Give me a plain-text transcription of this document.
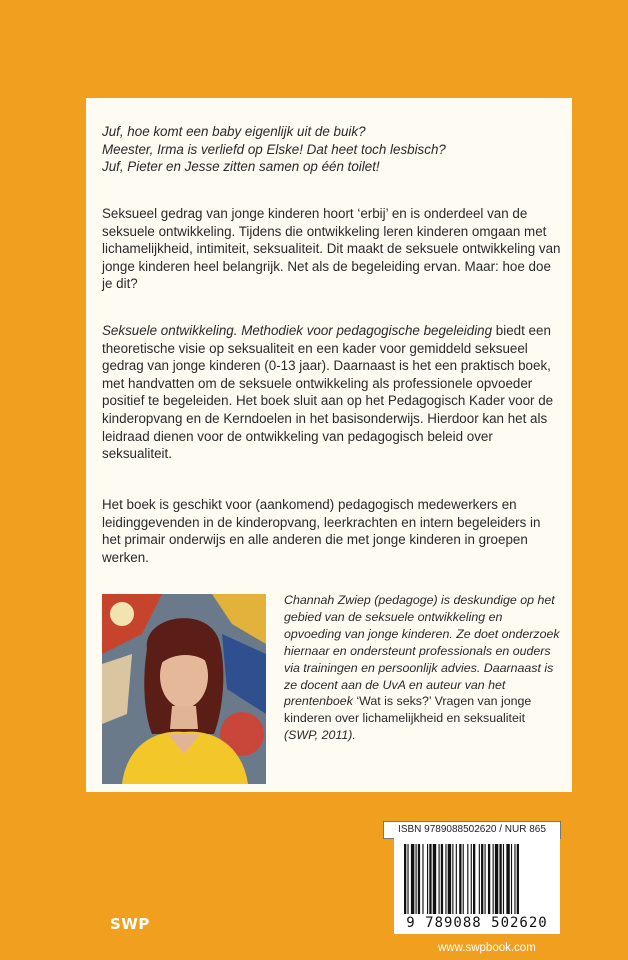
Juf, hoe komt een baby eigenlijk uit de buik?
Meester, Irma is verliefd op Elske! Dat heet toch lesbisch?
Juf, Pieter en Jesse zitten samen op één toilet!
Seksueel gedrag van jonge kinderen hoort ‘erbij’ en is onderdeel van de seksuele ontwikkeling. Tijdens die ontwikkeling leren kinderen omgaan met lichamelijkheid, intimiteit, seksualiteit. Dit maakt de seksuele ontwikkeling van jonge kinderen heel belangrijk. Net als de begeleiding ervan. Maar: hoe doe je dit?
Seksuele ontwikkeling. Methodiek voor pedagogische begeleiding biedt een theoretische visie op seksualiteit en een kader voor gemiddeld seksueel gedrag van jonge kinderen (0-13 jaar). Daarnaast is het een praktisch boek, met handvatten om de seksuele ontwikkeling als professionele opvoeder positief te begeleiden. Het boek sluit aan op het Pedagogisch Kader voor de kinderopvang en de Kerndoelen in het basisonderwijs. Hierdoor kan het als leidraad dienen voor de ontwikkeling van pedagogisch beleid over seksualiteit.
Het boek is geschikt voor (aankomend) pedagogisch medewerkers en leidinggevenden in de kinderopvang, leerkrachten en intern begeleiders in het primair onderwijs en alle anderen die met jonge kinderen in groepen werken.
Channah Zwiep (pedagoge) is deskundige op het gebied van de seksuele ontwikkeling en opvoeding van jonge kinderen. Ze doet onderzoek hiernaar en ondersteunt professionals en ouders via trainingen en persoonlijk advies. Daarnaast is ze docent aan de UvA en auteur van het prentenboek ‘Wat is seks?’ Vragen van jonge kinderen over lichamelijkheid en seksualiteit (SWP, 2011).
ISBN 9789088502620 / NUR 865
9 789088 502620
SWP
www.swpbook.com
